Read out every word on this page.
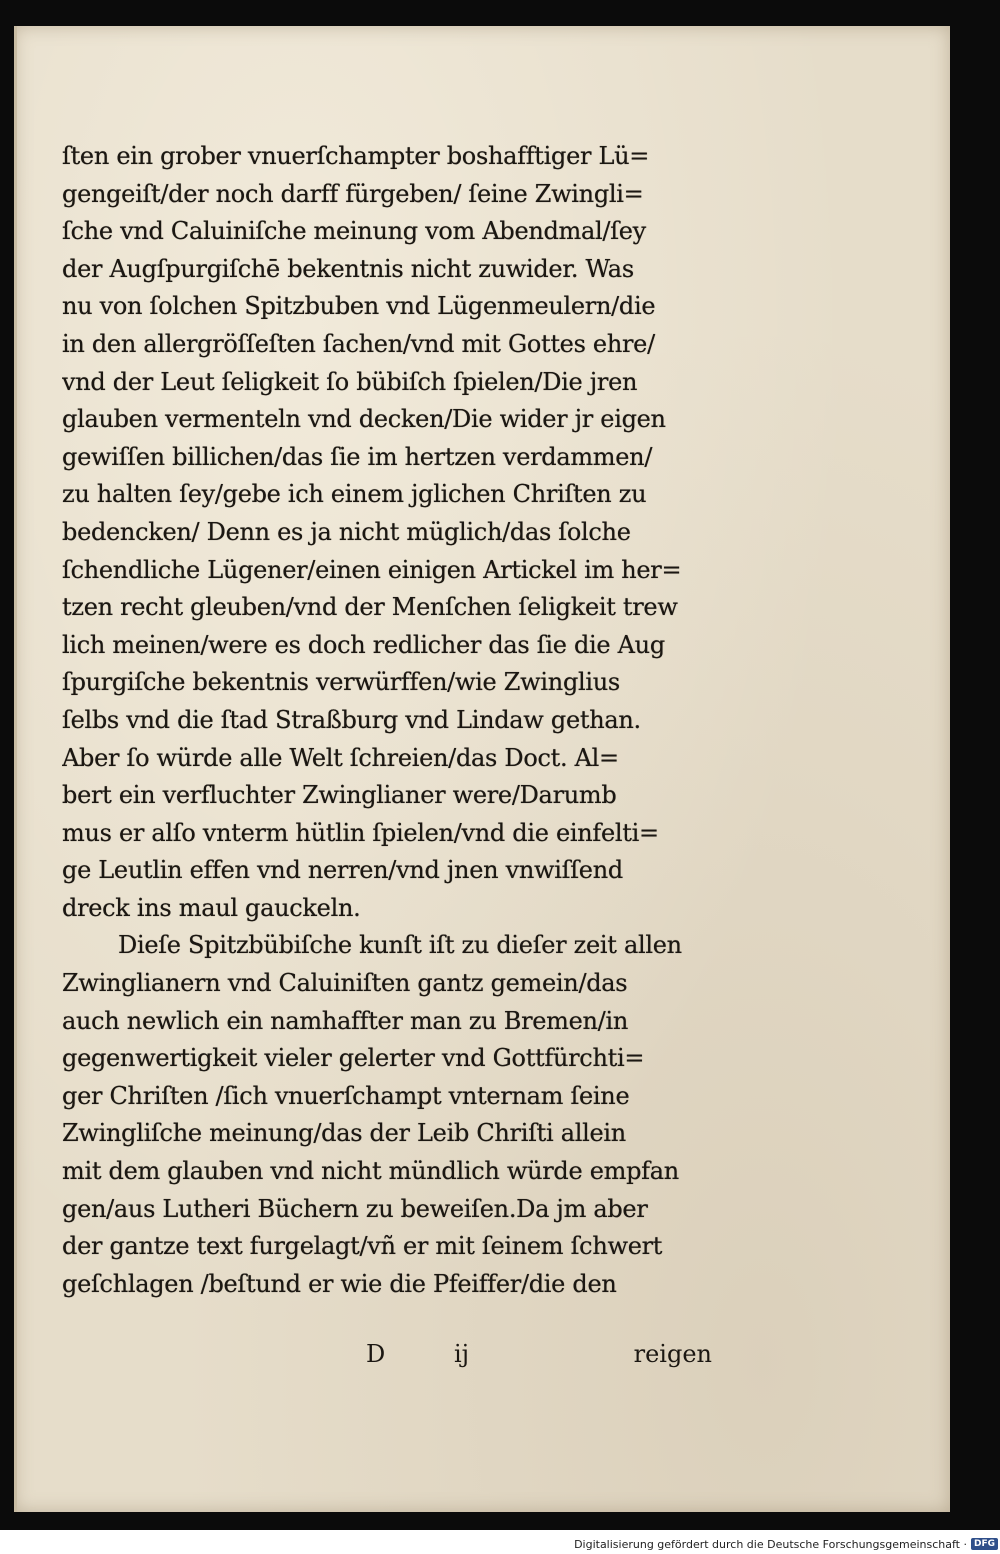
ſten ein grober vnuerſchampter boshafftiger Lü=
gengeiſt/der noch darff fürgeben/ ſeine Zwingli=
ſche vnd Caluiniſche meinung vom Abendmal/ſey
der Augſpurgiſchē bekentnis nicht zuwider. Was
nu von ſolchen Spitzbuben vnd Lügenmeulern/die
in den allergröſſeſten ſachen/vnd mit Gottes ehre/
vnd der Leut ſeligkeit ſo bübiſch ſpielen/Die jren
glauben vermenteln vnd decken/Die wider jr eigen
gewiſſen billichen/das ſie im hertzen verdammen/
zu halten ſey/gebe ich einem jglichen Chriſten zu
bedencken/ Denn es ja nicht müglich/das ſolche
ſchendliche Lügener/einen einigen Artickel im her=
tzen recht gleuben/vnd der Menſchen ſeligkeit trew
lich meinen/were es doch redlicher das ſie die Aug
ſpurgiſche bekentnis verwürffen/wie Zwinglius
ſelbs vnd die ſtad Straßburg vnd Lindaw gethan.
Aber ſo würde alle Welt ſchreien/das Doct. Al=
bert ein verfluchter Zwinglianer were/Darumb
mus er alſo vnterm hütlin ſpielen/vnd die einfelti=
ge Leutlin effen vnd nerren/vnd jnen vnwiſſend
dreck ins maul gauckeln.
Dieſe Spitzbübiſche kunſt iſt zu dieſer zeit allen
Zwinglianern vnd Caluiniſten gantz gemein/das
auch newlich ein namhaffter man zu Bremen/in
gegenwertigkeit vieler gelerter vnd Gottfürchti=
ger Chriſten /ſich vnuerſchampt vnternam ſeine
Zwingliſche meinung/das der Leib Chriſti allein
mit dem glauben vnd nicht mündlich würde empfan
gen/aus Lutheri Büchern zu beweiſen.Da jm aber
der gantze text furgelagt/vñ er mit ſeinem ſchwert
geſchlagen /beſtund er wie die Pfeiffer/die den
D	ij	reigen
Digitalisierung gefördert durch die Deutsche Forschungsgemeinschaft · DFG
